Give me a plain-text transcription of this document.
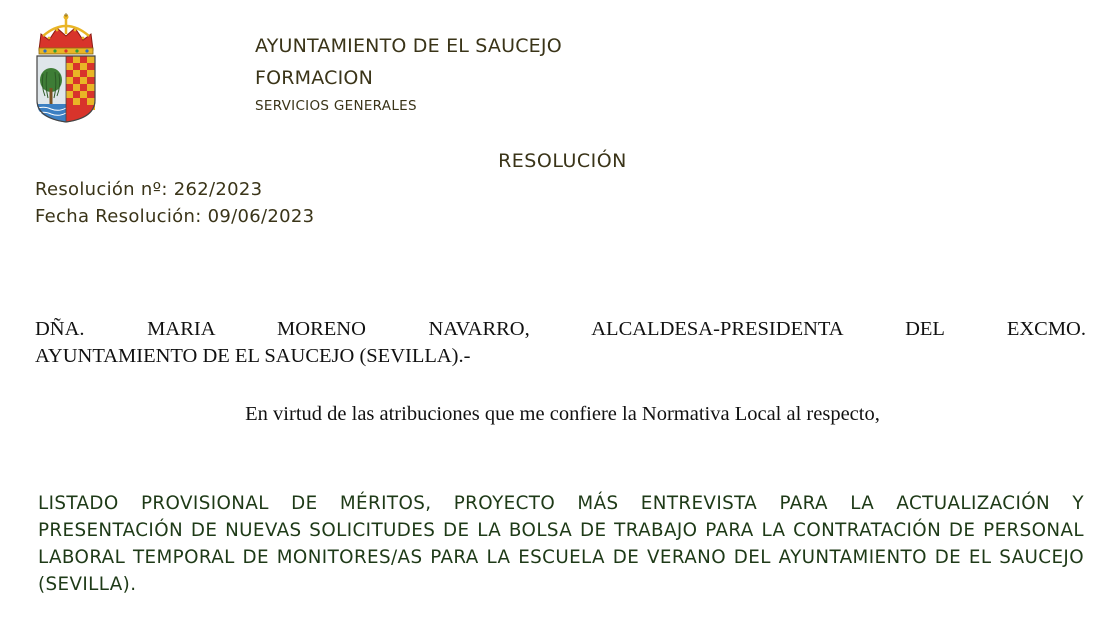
AYUNTAMIENTO DE EL SAUCEJO
FORMACION
SERVICIOS GENERALES
RESOLUCIÓN
Resolución nº: 262/2023
Fecha Resolución: 09/06/2023
DÑA. MARIA MORENO NAVARRO, ALCALDESA-PRESIDENTA DEL EXCMO.
AYUNTAMIENTO DE EL SAUCEJO (SEVILLA).-
En virtud de las atribuciones que me confiere la Normativa Local al respecto,
LISTADO PROVISIONAL DE MÉRITOS, PROYECTO MÁS ENTREVISTA PARA LA ACTUALIZACIÓN Y PRESENTACIÓN DE NUEVAS SOLICITUDES DE LA BOLSA DE TRABAJO PARA LA CONTRATACIÓN DE PERSONAL LABORAL TEMPORAL DE MONITORES/AS PARA LA ESCUELA DE VERANO DEL AYUNTAMIENTO DE EL SAUCEJO (SEVILLA).
